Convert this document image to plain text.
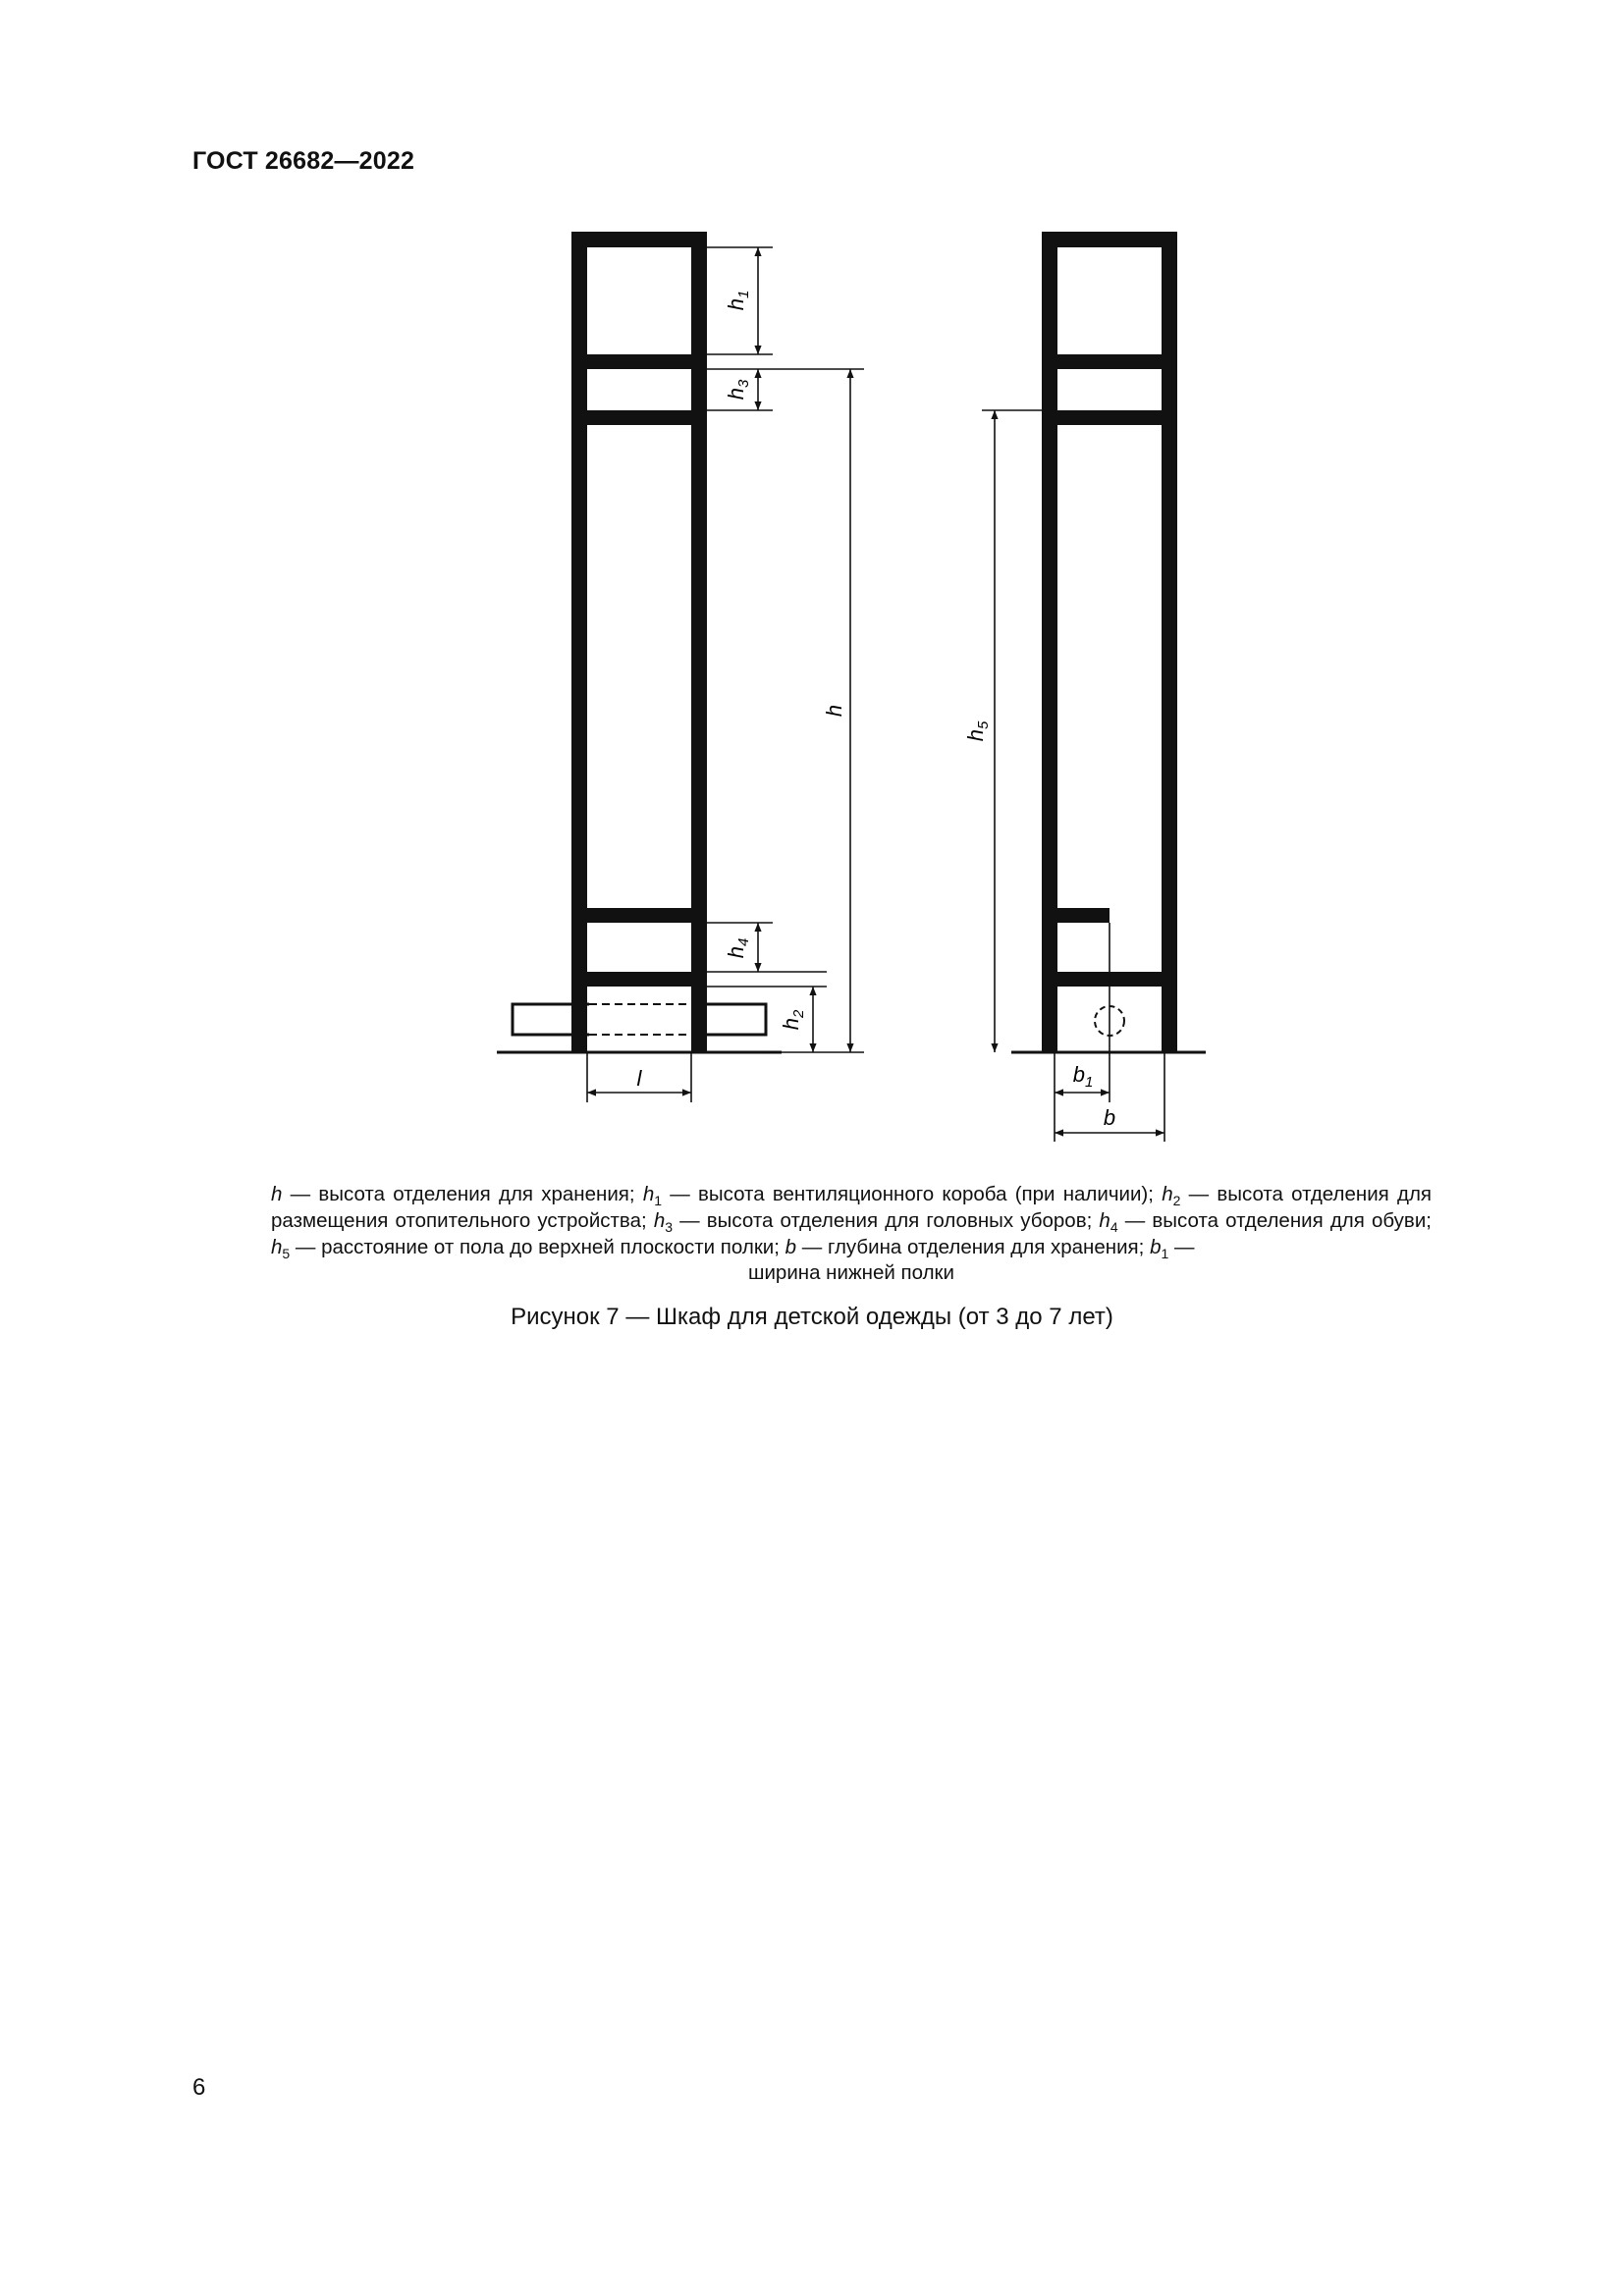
ГОСТ 26682—2022
$h_1$
$h_3$
h
$h_4$
$h_2$
l
$h_5$
$b_1$
b
h — высота отделения для хранения; $h_1$ — высота вентиляционного короба (при наличии); $h_2$ — высота отделения для размещения отопительного устройства; $h_3$ — высота отделения для головных уборов; $h_4$ — высота отделения для обуви; $h_5$ — расстояние от пола до верхней плоскости полки; b — глубина отделения для хранения; $b_1$ —
ширина нижней полки
Рисунок 7 — Шкаф для детской одежды (от 3 до 7 лет)
6
